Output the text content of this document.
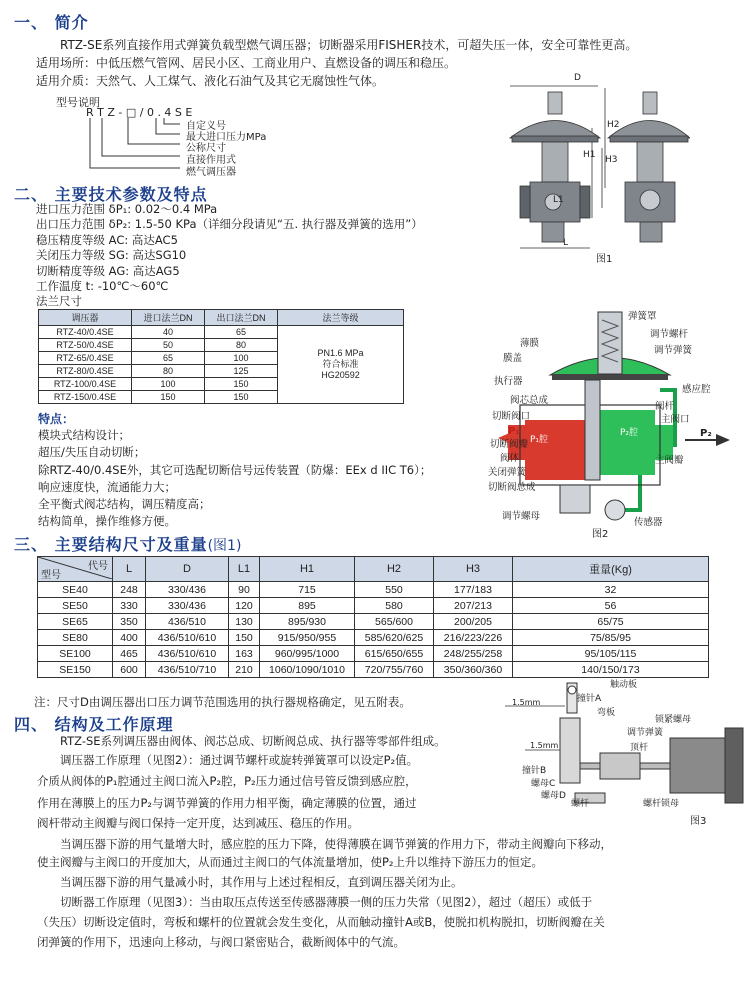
一、 简介
RTZ-SE系列直接作用式弹簧负载型燃气调压器；切断器采用FISHER技术，可超失压一体，安全可靠性更高。
适用场所：中低压燃气管网、居民小区、工商业用户、直燃设备的调压和稳压。
适用介质：天然气、人工煤气、液化石油气及其它无腐蚀性气体。
型号说明
R T Z - □ / 0 . 4 S E
自定义号
最大进口压力MPa
公称尺寸
直接作用式
燃气调压器
二、 主要技术参数及特点
进口压力范围 δP₁: 0.02～0.4 MPa
出口压力范围 δP₂: 1.5-50 KPa（详细分段请见“五. 执行器及弹簧的选用”）
稳压精度等级 AC: 高达AC5
关闭压力等级 SG: 高达SG10
切断精度等级 AG: 高达AG5
工作温度 t: -10℃～60℃
法兰尺寸
调压器	进口法兰DN	出口法兰DN	法兰等级
RTZ-40/0.4SE	40	65	PN1.6 MPa
符合标准
HG20592

RTZ-50/0.4SE	50	80	
RTZ-65/0.4SE	65	100	
RTZ-80/0.4SE	80	125	
RTZ-100/0.4SE	100	150	
RTZ-150/0.4SE	150	150	
特点：
模块式结构设计；
超压/失压自动切断；
除RTZ-40/0.4SE外，其它可选配切断信号远传装置（防爆：EEx d IIC T6）；
响应速度快，流通能力大；
全平衡式阀芯结构，调压精度高；
结构简单，操作维修方便。
三、 主要结构尺寸及重量(图1)
代号
型号	L	D	L1	H1	H2	H3	重量(Kg)
SE40	248	330/436	90	715	550	177/183	32
SE50	330	330/436	120	895	580	207/213	56
SE65	350	436/510	130	895/930	565/600	200/205	65/75
SE80	400	436/510/610	150	915/950/955	585/620/625	216/223/226	75/85/95
SE100	465	436/510/610	163	960/995/1000	615/650/655	248/255/258	95/105/115
SE150	600	436/510/710	210	1060/1090/1010	720/755/760	350/360/360	140/150/173
注：尺寸D由调压器出口压力调节范围选用的执行器规格确定，见五附表。
四、 结构及工作原理
RTZ-SE系列调压器由阀体、阀芯总成、切断阀总成、执行器等零部件组成。
调压器工作原理（见图2）：通过调节螺杆或旋转弹簧罩可以设定P₂值。
介质从阀体的P₁腔通过主阀口流入P₂腔，P₂压力通过信号管反馈到感应腔，
作用在薄膜上的压力P₂与调节弹簧的作用力相平衡，确定薄膜的位置，通过
阀杆带动主阀瓣与阀口保持一定开度，达到减压、稳压的作用。
当调压器下游的用气量增大时，感应腔的压力下降，使得薄膜在调节弹簧的作用力下，带动主阀瓣向下移动，
使主阀瓣与主阀口的开度加大，从而通过主阀口的气体流量增加，使P₂上升以维持下游压力的恒定。
当调压器下游的用气量减小时，其作用与上述过程相反，直到调压器关闭为止。
切断器工作原理（见图3）：当由取压点传送至传感器薄膜一侧的压力失常（见图2），超过（超压）或低于
（失压）切断设定值时，弯板和螺杆的位置就会发生变化，从而触动撞针A或B，使脱扣机构脱扣，切断阀瓣在关
闭弹簧的作用下，迅速向上移动，与阀口紧密贴合，截断阀体中的气流。
D
H2
H1 H3
L1
L
图1
P₁	P₂
P₁腔
P₂腔
弹簧罩
调节螺杆
薄膜
调节弹簧
膜盖
执行器
感应腔
阀芯总成
阀杆
切断阀口	主阀口
切断阀瓣
阀体
关闭弹簧
主阀瓣
切断阀总成
调节螺母
传感器
图2
触动板
撞针A
1.5mm
弯板
锁紧螺母
调节弹簧
1.5mm	顶杆
撞针B
螺母C
螺母D
螺杆	螺杆锁母
图3
